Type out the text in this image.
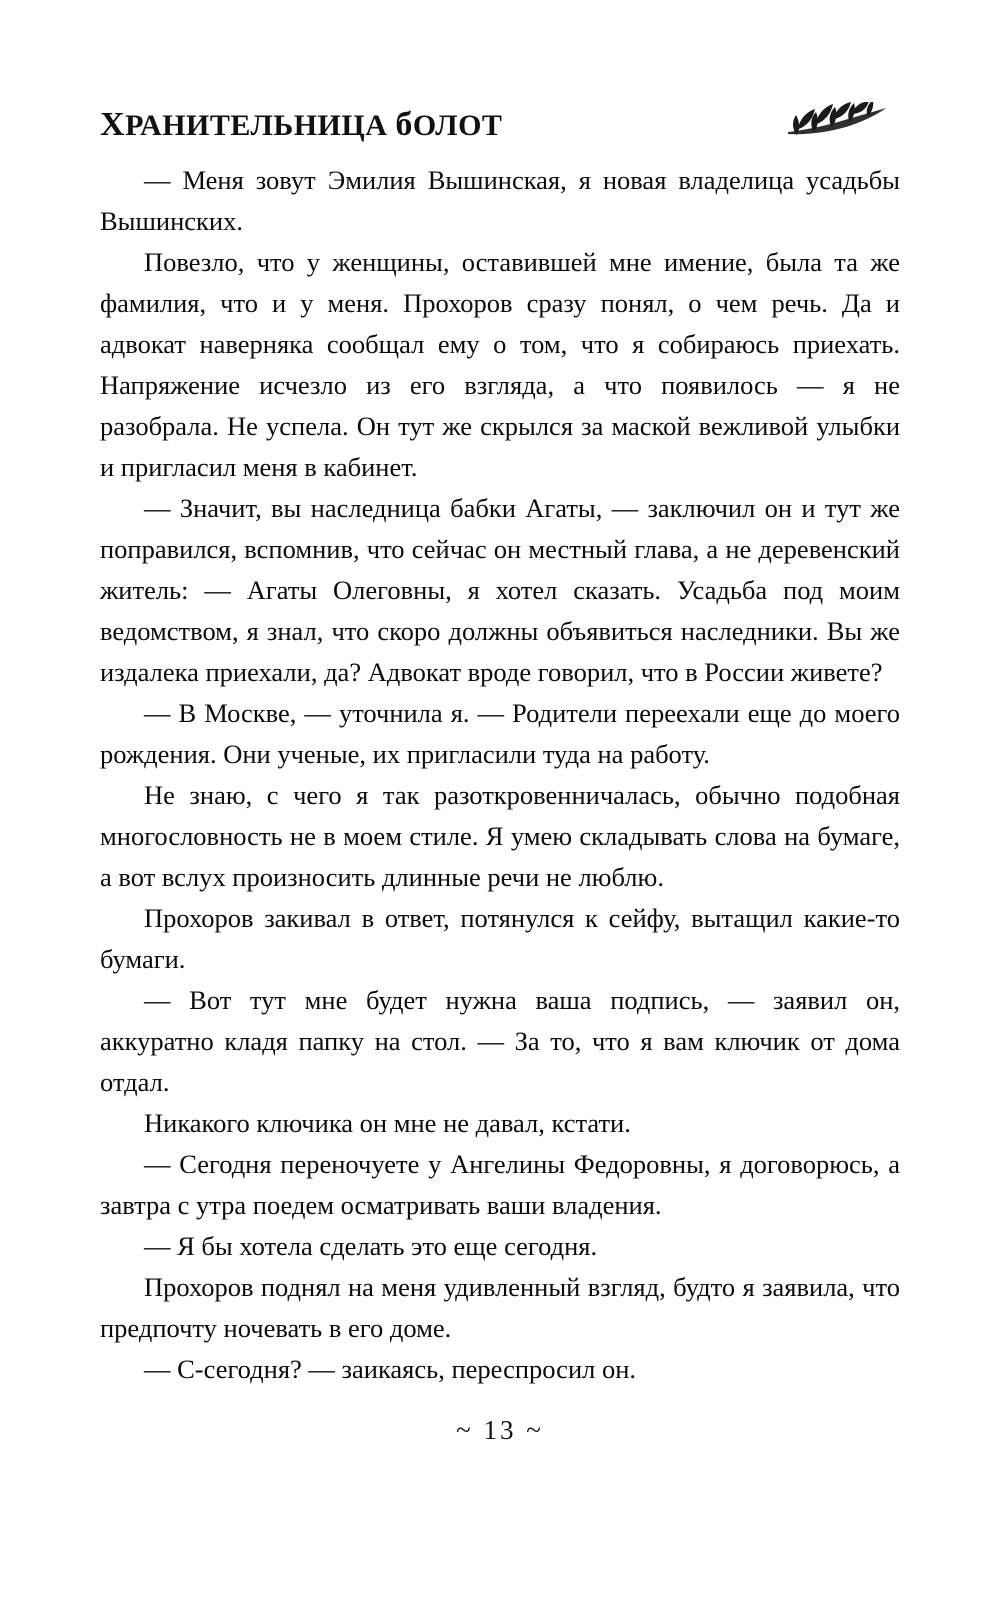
ХРАНИТЕЛЬНИЦА бОЛОТ

— Меня зовут Эмилия Вышинская, я новая владелица усадьбы Вышинских.

Повезло, что у женщины, оставившей мне имение, была та же фамилия, что и у меня. Прохоров сразу понял, о чем речь. Да и адвокат наверняка сообщал ему о том, что я собираюсь приехать. Напряжение исчезло из его взгляда, а что появилось — я не разобрала. Не успела. Он тут же скрылся за маской вежливой улыбки и пригласил меня в кабинет.

— Значит, вы наследница бабки Агаты, — заключил он и тут же поправился, вспомнив, что сейчас он местный глава, а не деревенский житель: — Агаты Олеговны, я хотел сказать. Усадьба под моим ведомством, я знал, что скоро должны объявиться наследники. Вы же издалека приехали, да? Адвокат вроде говорил, что в России живете?

— В Москве, — уточнила я. — Родители переехали еще до моего рождения. Они ученые, их пригласили туда на работу.

Не знаю, с чего я так разоткровенничалась, обычно подобная многословность не в моем стиле. Я умею складывать слова на бумаге, а вот вслух произносить длинные речи не люблю.

Прохоров закивал в ответ, потянулся к сейфу, вытащил какие-то бумаги.

— Вот тут мне будет нужна ваша подпись, — заявил он, аккуратно кладя папку на стол. — За то, что я вам ключик от дома отдал.

Никакого ключика он мне не давал, кстати.

— Сегодня переночуете у Ангелины Федоровны, я договорюсь, а завтра с утра поедем осматривать ваши владения.

— Я бы хотела сделать это еще сегодня.

Прохоров поднял на меня удивленный взгляд, будто я заявила, что предпочту ночевать в его доме.

— С-сегодня? — заикаясь, переспросил он.

~ 13 ~
